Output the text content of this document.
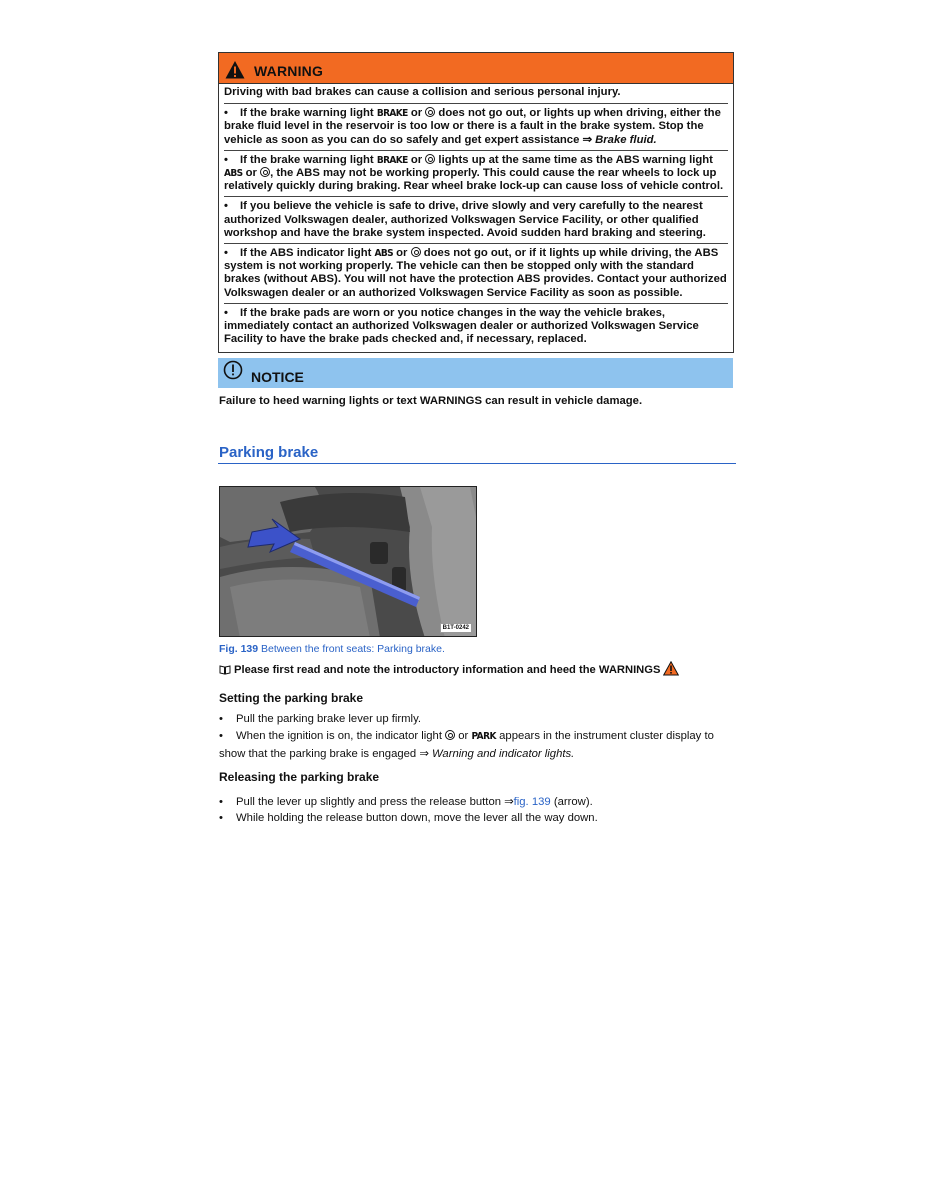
WARNING

Driving with bad brakes can cause a collision and serious personal injury.

• If the brake warning light BRAKE or  does not go out, or lights up when driving, either the brake fluid level in the reservoir is too low or there is a fault in the brake system. Stop the vehicle as soon as you can do so safely and get expert assistance ⇒ Brake fluid.

• If the brake warning light BRAKE or  lights up at the same time as the ABS warning light ABS or , the ABS may not be working properly. This could cause the rear wheels to lock up relatively quickly during braking. Rear wheel brake lock-up can cause loss of vehicle control.

• If you believe the vehicle is safe to drive, drive slowly and very carefully to the nearest authorized Volkswagen dealer, authorized Volkswagen Service Facility, or other qualified workshop and have the brake system inspected. Avoid sudden hard braking and steering.

• If the ABS indicator light ABS or  does not go out, or if it lights up while driving, the ABS system is not working properly. The vehicle can then be stopped only with the standard brakes (without ABS). You will not have the protection ABS provides. Contact your authorized Volkswagen dealer or an authorized Volkswagen Service Facility as soon as possible.

• If the brake pads are worn or you notice changes in the way the vehicle brakes, immediately contact an authorized Volkswagen dealer or authorized Volkswagen Service Facility to have the brake pads checked and, if necessary, replaced.

NOTICE
Failure to heed warning lights or text WARNINGS can result in vehicle damage.
Parking brake
B1T-0242
Fig. 139 Between the front seats: Parking brake.
Please first read and note the introductory information and heed the WARNINGS
Setting the parking brake
• Pull the parking brake lever up firmly.
• When the ignition is on, the indicator light  or PARK appears in the instrument cluster display to
show that the parking brake is engaged ⇒ Warning and indicator lights.
Releasing the parking brake
• Pull the lever up slightly and press the release button ⇒fig. 139 (arrow).
• While holding the release button down, move the lever all the way down.
